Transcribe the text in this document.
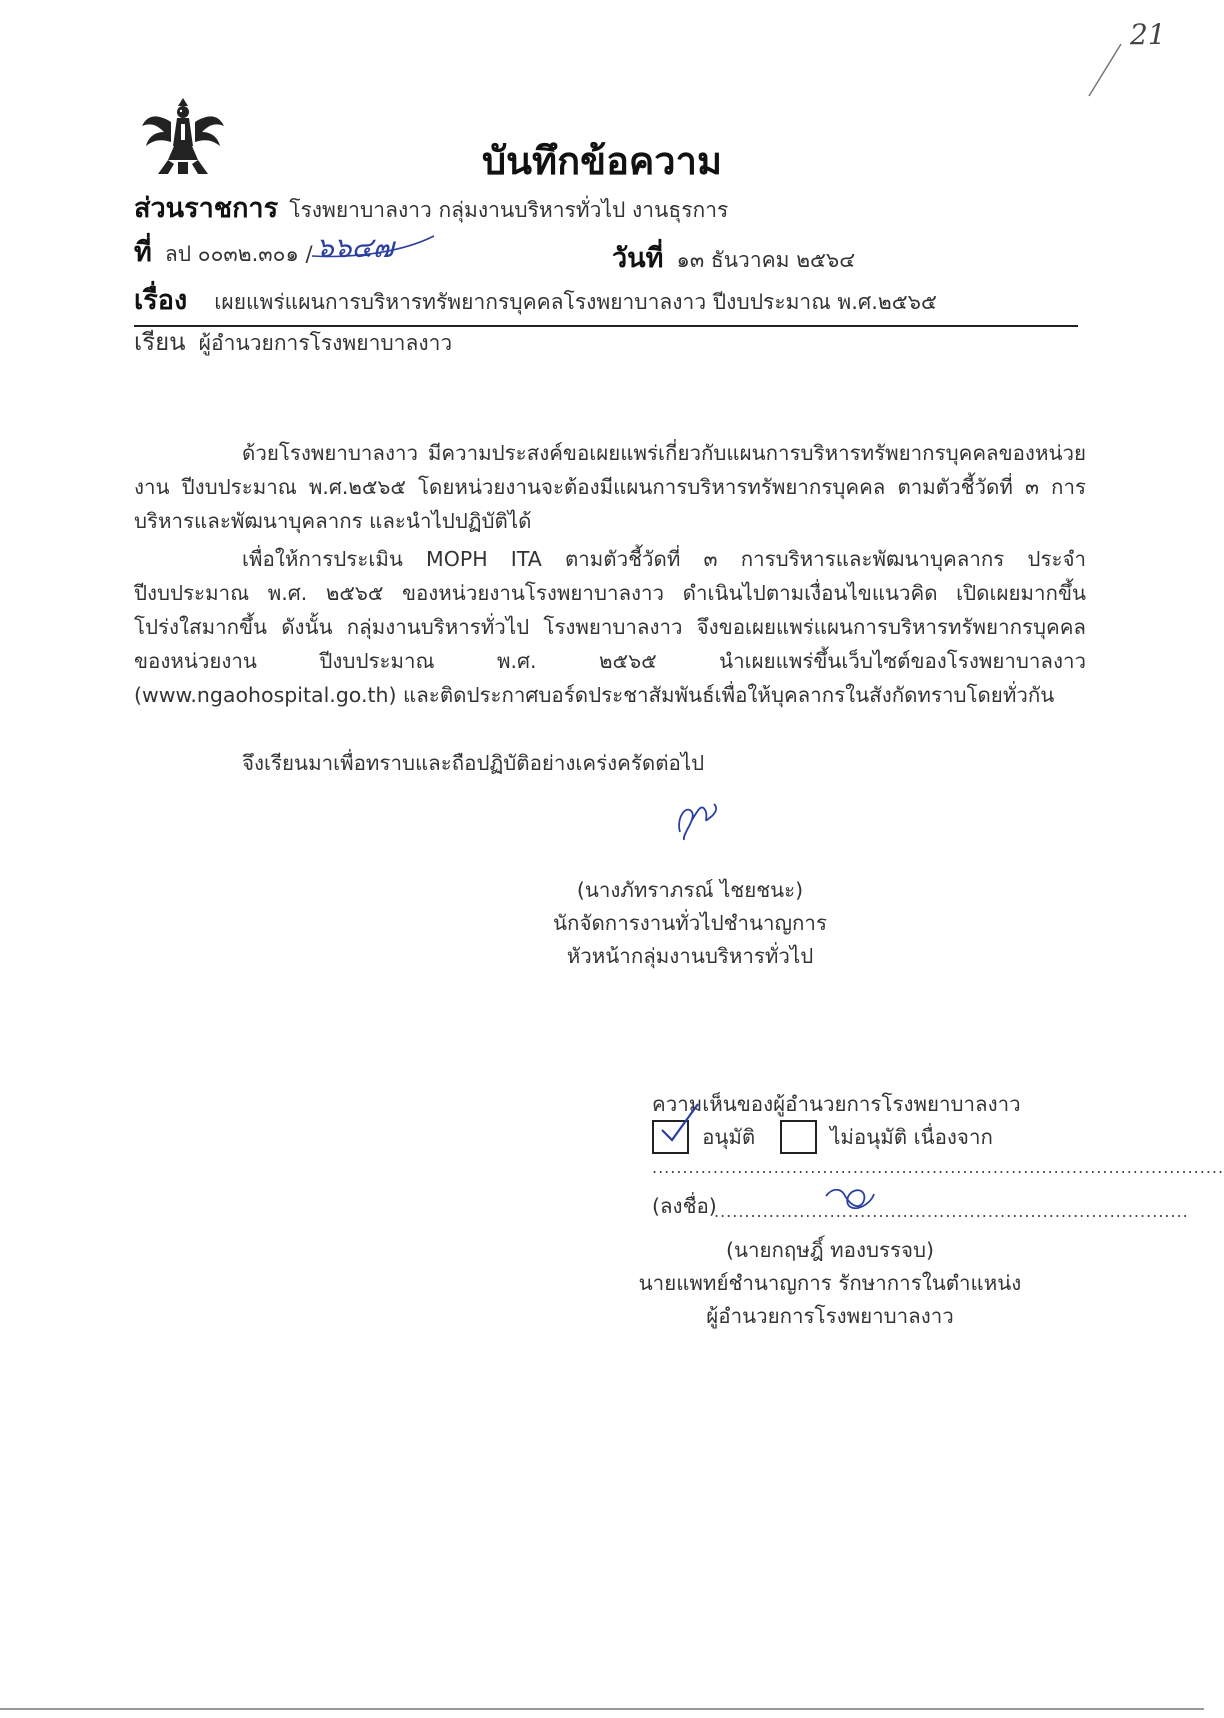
21
บันทึกข้อความ
ส่วนราชการ โรงพยาบาลงาว กลุ่มงานบริหารทั่วไป งานธุรการ
ที่ ลป ๐๐๓๒.๓๐๑ / ๖๖๔๗	วันที่ ๑๓ ธันวาคม ๒๕๖๔
เรื่อง เผยแพร่แผนการบริหารทรัพยากรบุคคลโรงพยาบาลงาว ปีงบประมาณ พ.ศ.๒๕๖๕
เรียน ผู้อำนวยการโรงพยาบาลงาว
ด้วยโรงพยาบาลงาว มีความประสงค์ขอเผยแพร่เกี่ยวกับแผนการบริหารทรัพยากรบุคคลของหน่วยงาน ปีงบประมาณ พ.ศ.๒๕๖๕ โดยหน่วยงานจะต้องมีแผนการบริหารทรัพยากรบุคคล ตามตัวชี้วัดที่ ๓ การบริหารและพัฒนาบุคลากร และนำไปปฏิบัติได้
เพื่อให้การประเมิน MOPH ITA ตามตัวชี้วัดที่ ๓ การบริหารและพัฒนาบุคลากร ประจำปีงบประมาณ พ.ศ. ๒๕๖๕ ของหน่วยงานโรงพยาบาลงาว ดำเนินไปตามเงื่อนไขแนวคิด เปิดเผยมากขึ้น โปร่งใสมากขึ้น ดังนั้น กลุ่มงานบริหารทั่วไป โรงพยาบาลงาว จึงขอเผยแพร่แผนการบริหารทรัพยากรบุคคลของหน่วยงาน ปีงบประมาณ พ.ศ. ๒๕๖๕ นำเผยแพร่ขึ้นเว็บไซต์ของโรงพยาบาลงาว (www.ngaohospital.go.th) และติดประกาศบอร์ดประชาสัมพันธ์เพื่อให้บุคลากรในสังกัดทราบโดยทั่วกัน
จึงเรียนมาเพื่อทราบและถือปฏิบัติอย่างเคร่งครัดต่อไป
(นางภัทราภรณ์ ไชยชนะ)
นักจัดการงานทั่วไปชำนาญการ
หัวหน้ากลุ่มงานบริหารทั่วไป
ความเห็นของผู้อำนวยการโรงพยาบาลงาว
อนุมัติ	ไม่อนุมัติ เนื่องจาก
..............................................................................................
(ลงชื่อ)
..............................................................................
(นายกฤษฎิ์ ทองบรรจบ)
นายแพทย์ชำนาญการ รักษาการในตำแหน่ง
ผู้อำนวยการโรงพยาบาลงาว
